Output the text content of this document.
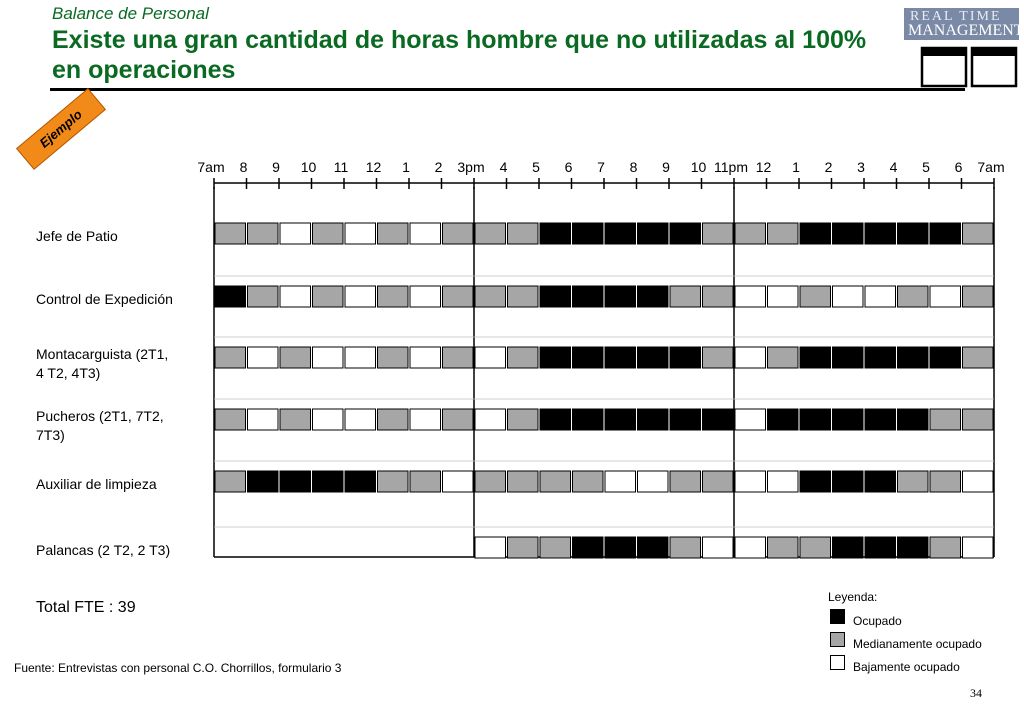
Balance de Personal
Existe una gran cantidad de horas hombre que no utilizadas al 100% en operaciones
REAL TIME
MANAGEMENT
Ejemplo
7am 8 9 10 11 12 1 2 3pm 4 5 6 7 8 9 10 11pm 12 1 2 3 4 5 6 7am
Jefe de Patio
Control de Expedición
Montacarguista (2T1,
4 T2, 4T3)
Pucheros (2T1, 7T2,
7T3)
Auxiliar de limpieza
Palancas (2 T2, 2 T3)
Total FTE : 39
Fuente: Entrevistas con personal C.O. Chorrillos, formulario 3
Leyenda:
Ocupado
Medianamente ocupado
Bajamente ocupado
34
